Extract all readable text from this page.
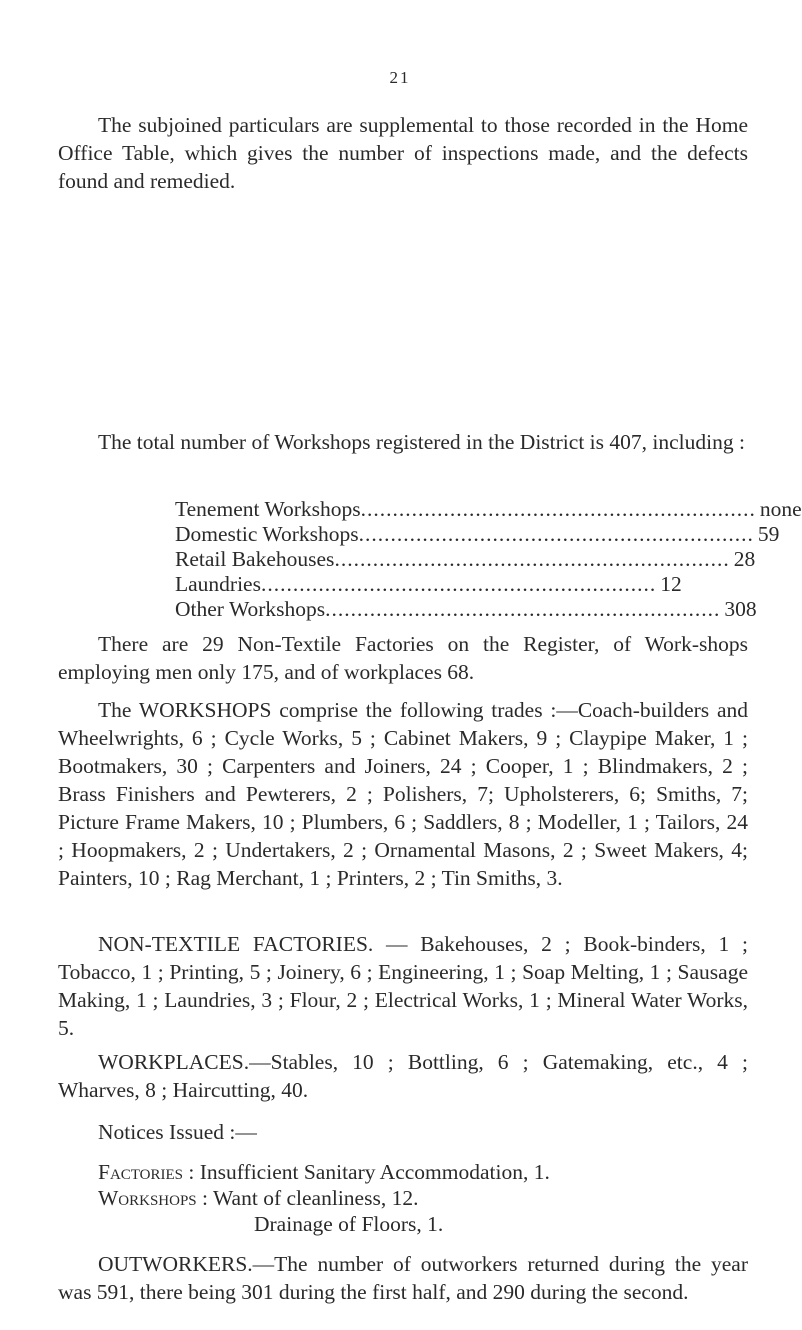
21

The subjoined particulars are supplemental to those recorded in the Home Office Table, which gives the number of inspections made, and the defects found and remedied.

The total number of Workshops registered in the District is 407, including :

Tenement Workshops .............................................................. none
Domestic Workshops .............................................................. 59
Retail Bakehouses .............................................................. 28
Laundries .............................................................. 12
Other Workshops .............................................................. 308

There are 29 Non-Textile Factories on the Register, of Work-shops employing men only 175, and of workplaces 68.

The WORKSHOPS comprise the following trades :—Coach-builders and Wheelwrights, 6 ; Cycle Works, 5 ; Cabinet Makers, 9 ; Claypipe Maker, 1 ; Bootmakers, 30 ; Carpenters and Joiners, 24 ; Cooper, 1 ; Blindmakers, 2 ; Brass Finishers and Pewterers, 2 ; Polishers, 7; Upholsterers, 6; Smiths, 7; Picture Frame Makers, 10 ; Plumbers, 6 ; Saddlers, 8 ; Modeller, 1 ; Tailors, 24 ; Hoopmakers, 2 ; Undertakers, 2 ; Ornamental Masons, 2 ; Sweet Makers, 4; Painters, 10 ; Rag Merchant, 1 ; Printers, 2 ; Tin Smiths, 3.

NON-TEXTILE FACTORIES. — Bakehouses, 2 ; Book-binders, 1 ; Tobacco, 1 ; Printing, 5 ; Joinery, 6 ; Engineering, 1 ; Soap Melting, 1 ; Sausage Making, 1 ; Laundries, 3 ; Flour, 2 ; Electrical Works, 1 ; Mineral Water Works, 5.

WORKPLACES.—Stables, 10 ; Bottling, 6 ; Gatemaking, etc., 4 ; Wharves, 8 ; Haircutting, 40.

Notices Issued :—

Factories : Insufficient Sanitary Accommodation, 1.
Workshops : Want of cleanliness, 12.
Drainage of Floors, 1.

OUTWORKERS.—The number of outworkers returned during the year was 591, there being 301 during the first half, and 290 during the second.
